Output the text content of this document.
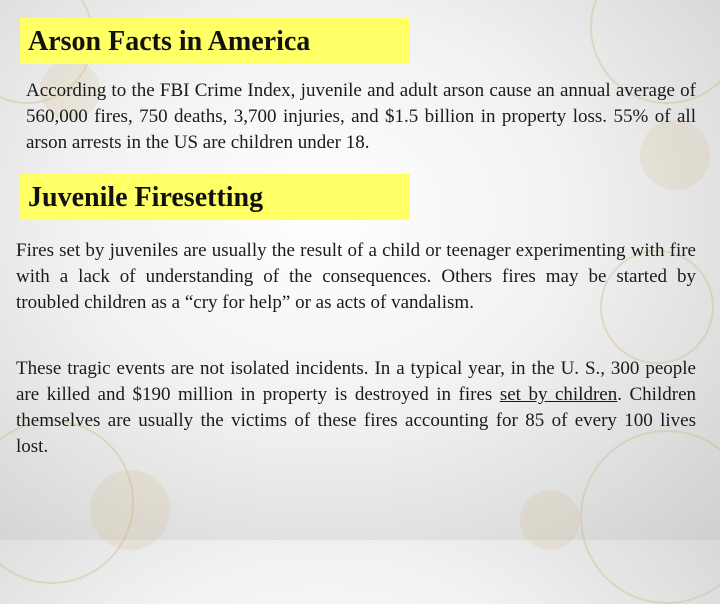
Arson Facts in America

According to the FBI Crime Index, juvenile and adult arson cause an annual average of 560,000 fires, 750 deaths, 3,700 injuries, and $1.5 billion in property loss. 55% of all arson arrests in the US are children under 18.

Juvenile Firesetting

Fires set by juveniles are usually the result of a child or teenager experimenting with fire with a lack of understanding of the consequences. Others fires may be started by troubled children as a “cry for help” or as acts of vandalism.

These tragic events are not isolated incidents. In a typical year, in the U. S., 300 people are killed and $190 million in property is destroyed in fires set by children. Children themselves are usually the victims of these fires accounting for 85 of every 100 lives lost.
